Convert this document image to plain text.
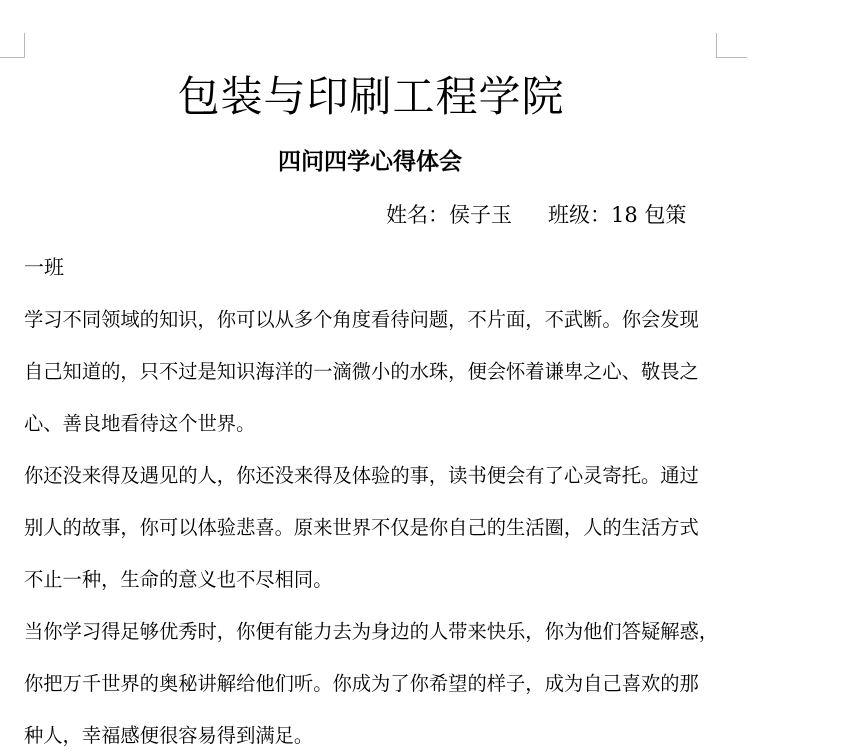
包装与印刷工程学院
四问四学心得体会
姓名：侯子玉 班级：18 包策
一班
学习不同领域的知识，你可以从多个角度看待问题，不片面，不武断。你会发现
自己知道的，只不过是知识海洋的一滴微小的水珠，便会怀着谦卑之心、敬畏之
心、善良地看待这个世界。
你还没来得及遇见的人，你还没来得及体验的事，读书便会有了心灵寄托。通过
别人的故事，你可以体验悲喜。原来世界不仅是你自己的生活圈，人的生活方式
不止一种，生命的意义也不尽相同。
当你学习得足够优秀时，你便有能力去为身边的人带来快乐，你为他们答疑解惑，
你把万千世界的奥秘讲解给他们听。你成为了你希望的样子，成为自己喜欢的那
种人，幸福感便很容易得到满足。
